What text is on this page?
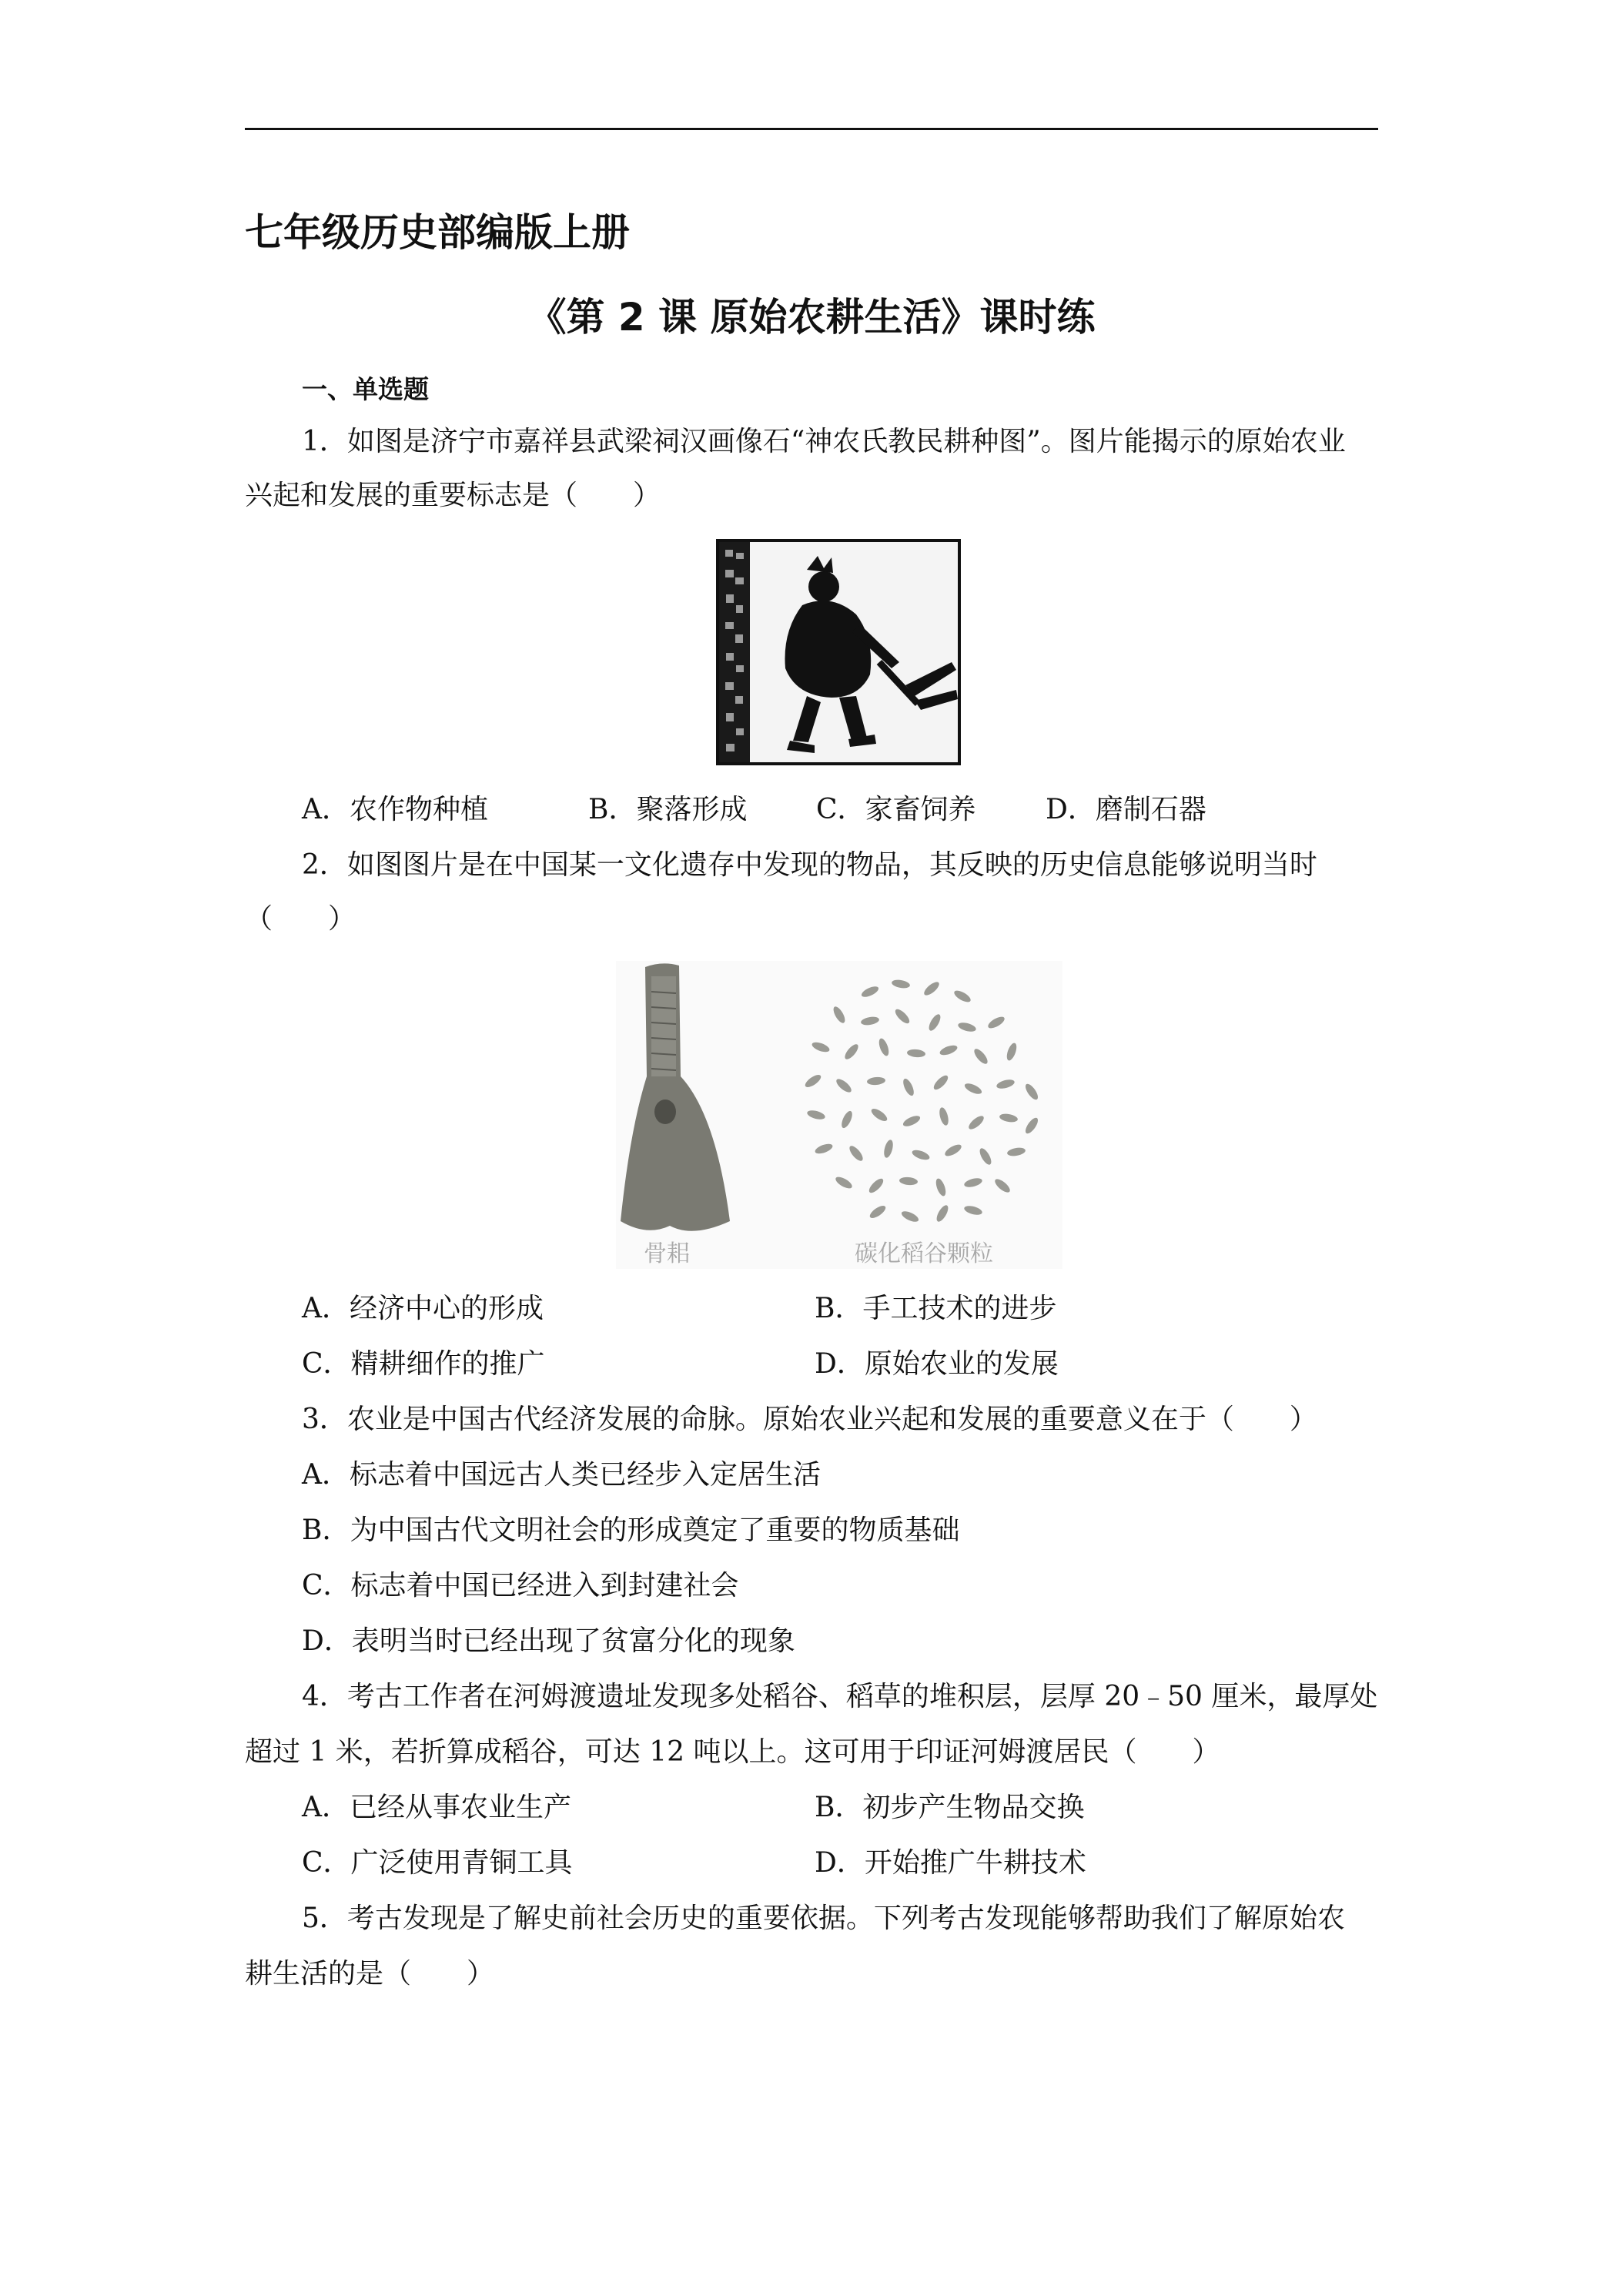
七年级历史部编版上册
《第 2 课 原始农耕生活》课时练
一、单选题
1．如图是济宁市嘉祥县武梁祠汉画像石“神农氏教民耕种图”。图片能揭示的原始农业
兴起和发展的重要标志是（　　）
A．农作物种植	B．聚落形成 C．家畜饲养	D．磨制石器
2．如图图片是在中国某一文化遗存中发现的物品，其反映的历史信息能够说明当时
（　　）
骨耜	碳化稻谷颗粒
A．经济中心的形成	B．手工技术的进步
C．精耕细作的推广	D．原始农业的发展
3．农业是中国古代经济发展的命脉。原始农业兴起和发展的重要意义在于（　　）
A．标志着中国远古人类已经步入定居生活
B．为中国古代文明社会的形成奠定了重要的物质基础
C．标志着中国已经进入到封建社会
D．表明当时已经出现了贫富分化的现象
4．考古工作者在河姆渡遗址发现多处稻谷、稻草的堆积层，层厚 20﹣50 厘米，最厚处
超过 1 米，若折算成稻谷，可达 12 吨以上。这可用于印证河姆渡居民（　　）
A．已经从事农业生产	B．初步产生物品交换
C．广泛使用青铜工具	D．开始推广牛耕技术
5．考古发现是了解史前社会历史的重要依据。下列考古发现能够帮助我们了解原始农
耕生活的是（　　）
